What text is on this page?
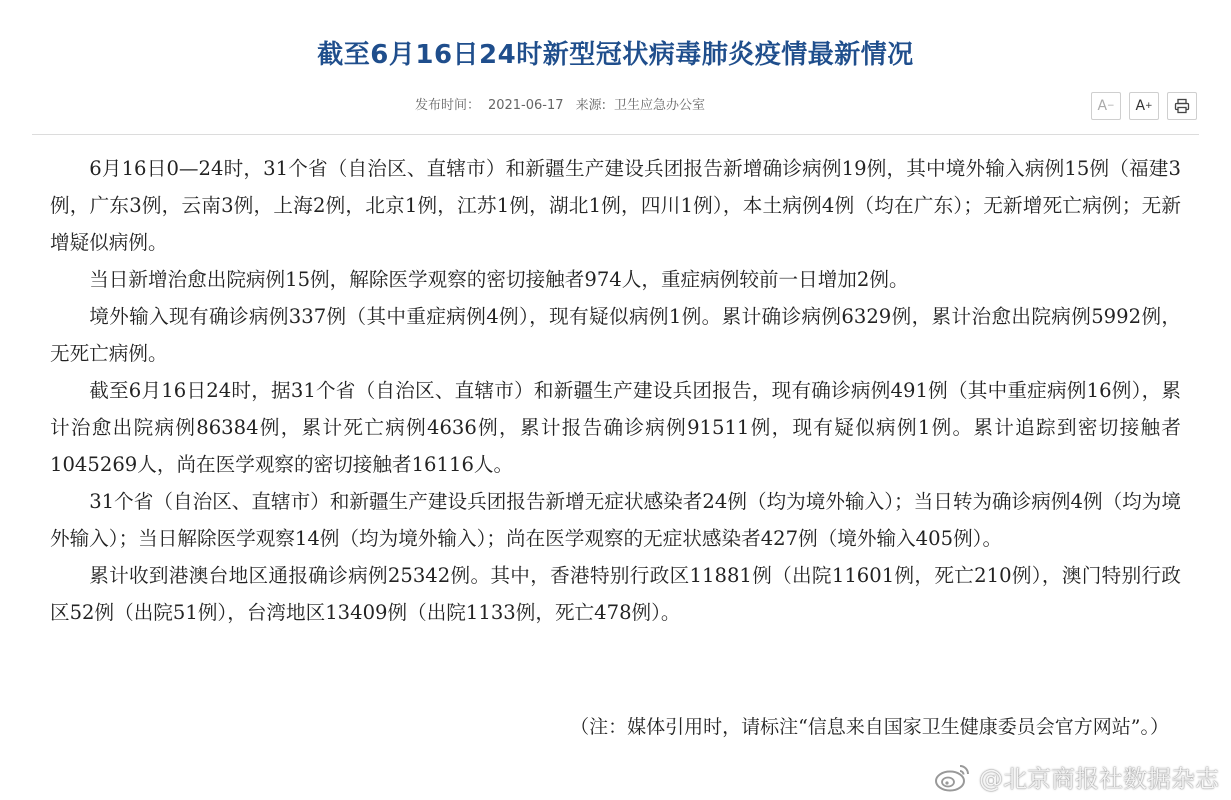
截至6月16日24时新型冠状病毒肺炎疫情最新情况
发布时间： 2021-06-17 来源: 卫生应急办公室	A − A +

6月16日0—24时，31个省（自治区、直辖市）和新疆生产建设兵团报告新增确诊病例19例，其中境外输入病例15例（福建3例，广东3例，云南3例，上海2例，北京1例，江苏1例，湖北1例，四川1例），本土病例4例（均在广东）；无新增死亡病例；无新增疑似病例。

当日新增治愈出院病例15例，解除医学观察的密切接触者974人，重症病例较前一日增加2例。

境外输入现有确诊病例337例（其中重症病例4例），现有疑似病例1例。累计确诊病例6329例，累计治愈出院病例5992例，无死亡病例。

截至6月16日24时，据31个省（自治区、直辖市）和新疆生产建设兵团报告，现有确诊病例491例（其中重症病例16例），累计治愈出院病例86384例，累计死亡病例4636例，累计报告确诊病例91511例，现有疑似病例1例。累计追踪到密切接触者1045269人，尚在医学观察的密切接触者16116人。

31个省（自治区、直辖市）和新疆生产建设兵团报告新增无症状感染者24例（均为境外输入）；当日转为确诊病例4例（均为境外输入）；当日解除医学观察14例（均为境外输入）；尚在医学观察的无症状感染者427例（境外输入405例）。

累计收到港澳台地区通报确诊病例25342例。其中，香港特别行政区11881例（出院11601例，死亡210例），澳门特别行政区52例（出院51例），台湾地区13409例（出院1133例，死亡478例）。

（注：媒体引用时，请标注“信息来自国家卫生健康委员会官方网站”。）
@北京商报社数据杂志
